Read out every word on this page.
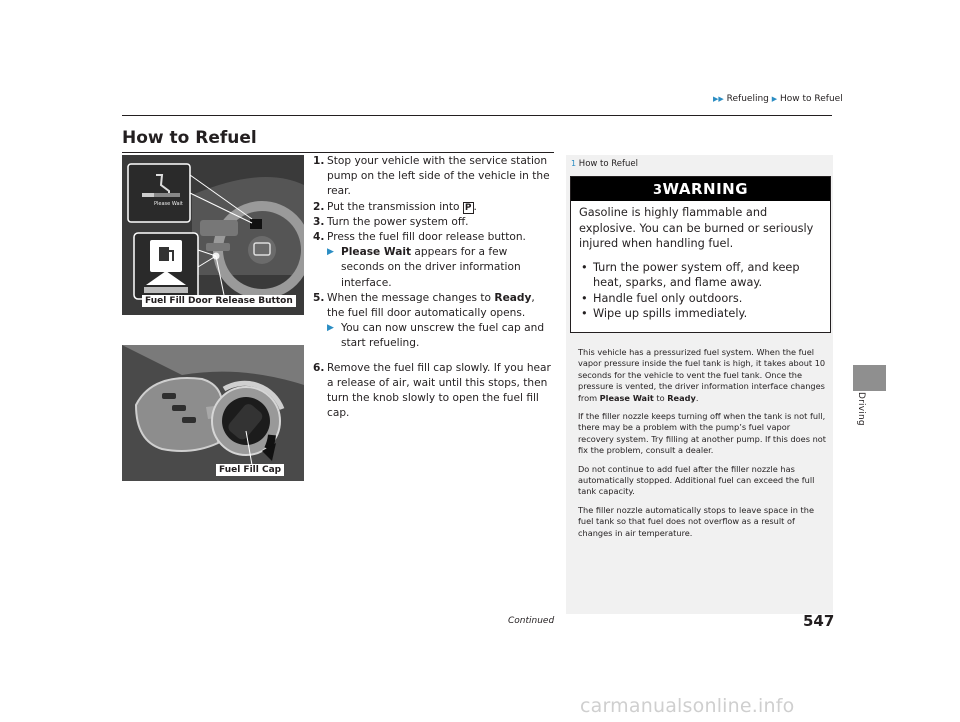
▶▶ Refueling ▶ How to Refuel
Driving
How to Refuel
Please Wait
Fuel Fill Door Release Button
Fuel Fill Cap
1. Stop your vehicle with the service station pump on the left side of the vehicle in the rear.
2. Put the transmission into P .
3. Turn the power system off.
4. Press the fuel fill door release button.
▶ Please Wait appears for a few seconds on the driver information interface.
5. When the message changes to Ready, the fuel fill door automatically opens.
▶ You can now unscrew the fuel cap and start refueling.
6. Remove the fuel fill cap slowly. If you hear a release of air, wait until this stops, then turn the knob slowly to open the fuel fill cap.
1 How to Refuel
3WARNING
Gasoline is highly flammable and explosive. You can be burned or seriously injured when handling fuel.
• Turn the power system off, and keep heat, sparks, and flame away.
• Handle fuel only outdoors.
• Wipe up spills immediately.

This vehicle has a pressurized fuel system. When the fuel vapor pressure inside the fuel tank is high, it takes about 10 seconds for the vehicle to vent the fuel tank. Once the pressure is vented, the driver information interface changes from Please Wait to Ready.

If the filler nozzle keeps turning off when the tank is not full, there may be a problem with the pump’s fuel vapor recovery system. Try filling at another pump. If this does not fix the problem, consult a dealer.

Do not continue to add fuel after the filler nozzle has automatically stopped. Additional fuel can exceed the full tank capacity.

The filler nozzle automatically stops to leave space in the fuel tank so that fuel does not overflow as a result of changes in air temperature.

Continued	547
carmanualsonline.info
